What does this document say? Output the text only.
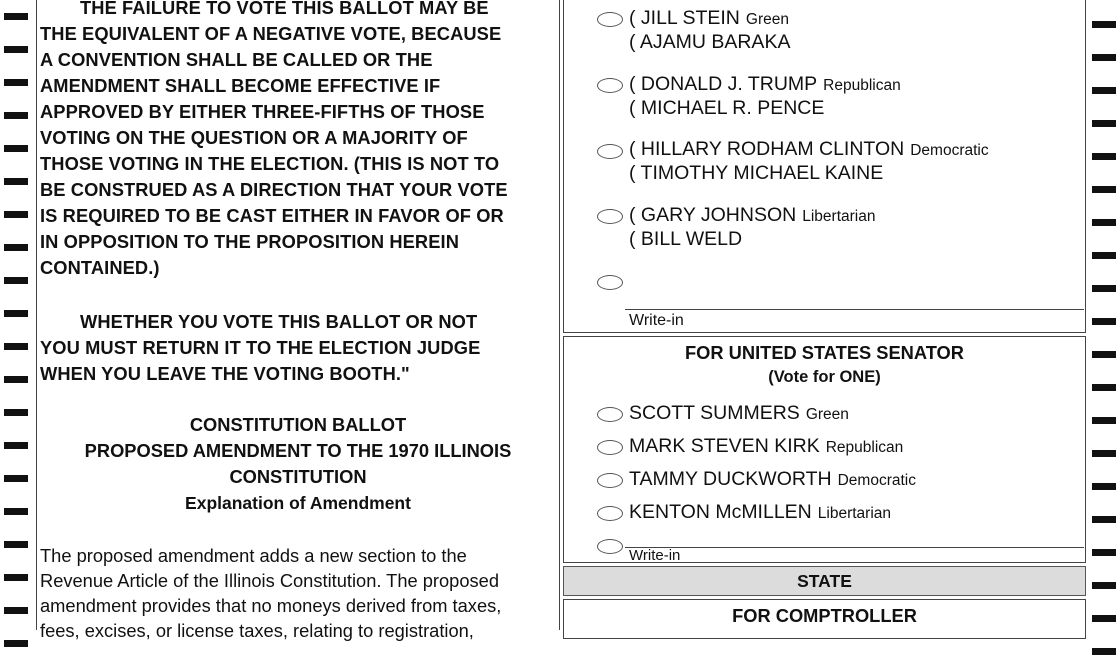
THE FAILURE TO VOTE THIS BALLOT MAY BE
THE EQUIVALENT OF A NEGATIVE VOTE, BECAUSE
A CONVENTION SHALL BE CALLED OR THE
AMENDMENT SHALL BECOME EFFECTIVE IF
APPROVED BY EITHER THREE-FIFTHS OF THOSE
VOTING ON THE QUESTION OR A MAJORITY OF
THOSE VOTING IN THE ELECTION. (THIS IS NOT TO
BE CONSTRUED AS A DIRECTION THAT YOUR VOTE
IS REQUIRED TO BE CAST EITHER IN FAVOR OF OR
IN OPPOSITION TO THE PROPOSITION HEREIN
CONTAINED.)
WHETHER YOU VOTE THIS BALLOT OR NOT
YOU MUST RETURN IT TO THE ELECTION JUDGE
WHEN YOU LEAVE THE VOTING BOOTH."
CONSTITUTION BALLOT
PROPOSED AMENDMENT TO THE 1970 ILLINOIS
CONSTITUTION
Explanation of Amendment
The proposed amendment adds a new section to the
Revenue Article of the Illinois Constitution. The proposed
amendment provides that no moneys derived from taxes,
fees, excises, or license taxes, relating to registration,
( JILL STEIN Green
( AJAMU BARAKA
( DONALD J. TRUMP Republican
( MICHAEL R. PENCE
( HILLARY RODHAM CLINTON Democratic
( TIMOTHY MICHAEL KAINE
( GARY JOHNSON Libertarian
( BILL WELD
Write-in
FOR UNITED STATES SENATOR
(Vote for ONE)
SCOTT SUMMERS Green
MARK STEVEN KIRK Republican
TAMMY DUCKWORTH Democratic
KENTON McMILLEN Libertarian
Write-in
STATE
FOR COMPTROLLER
